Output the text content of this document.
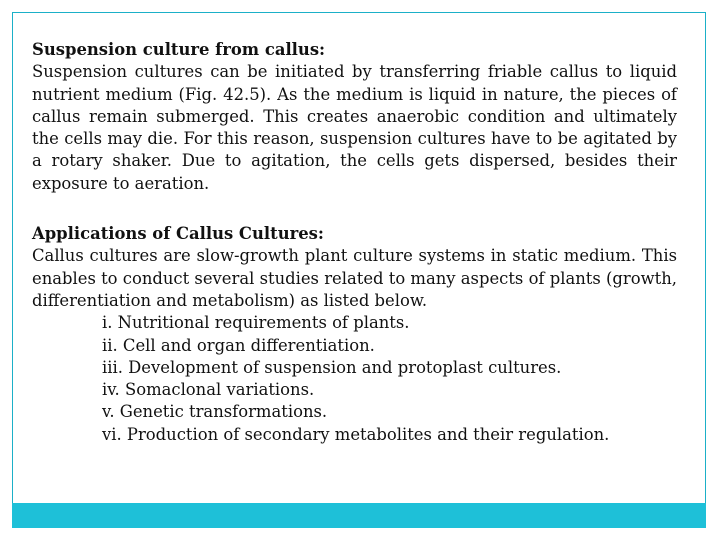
Suspension culture from callus:

Suspension cultures can be initiated by transferring friable callus to liquid nutrient medium (Fig. 42.5). As the medium is liquid in nature, the pieces of callus remain submerged. This creates anaerobic condition and ultimately the cells may die. For this reason, suspension cultures have to be agitated by a rotary shaker. Due to agitation, the cells gets dispersed, besides their exposure to aeration.

Applications of Callus Cultures:

Callus cultures are slow-growth plant culture systems in static medium. This enables to conduct several studies related to many aspects of plants (growth, differentiation and metabolism) as listed below.

i. Nutritional requirements of plants.
ii. Cell and organ differentiation.
iii. Development of suspension and protoplast cultures.
iv. Somaclonal variations.
v. Genetic transformations.
vi. Production of secondary metabolites and their regulation.
